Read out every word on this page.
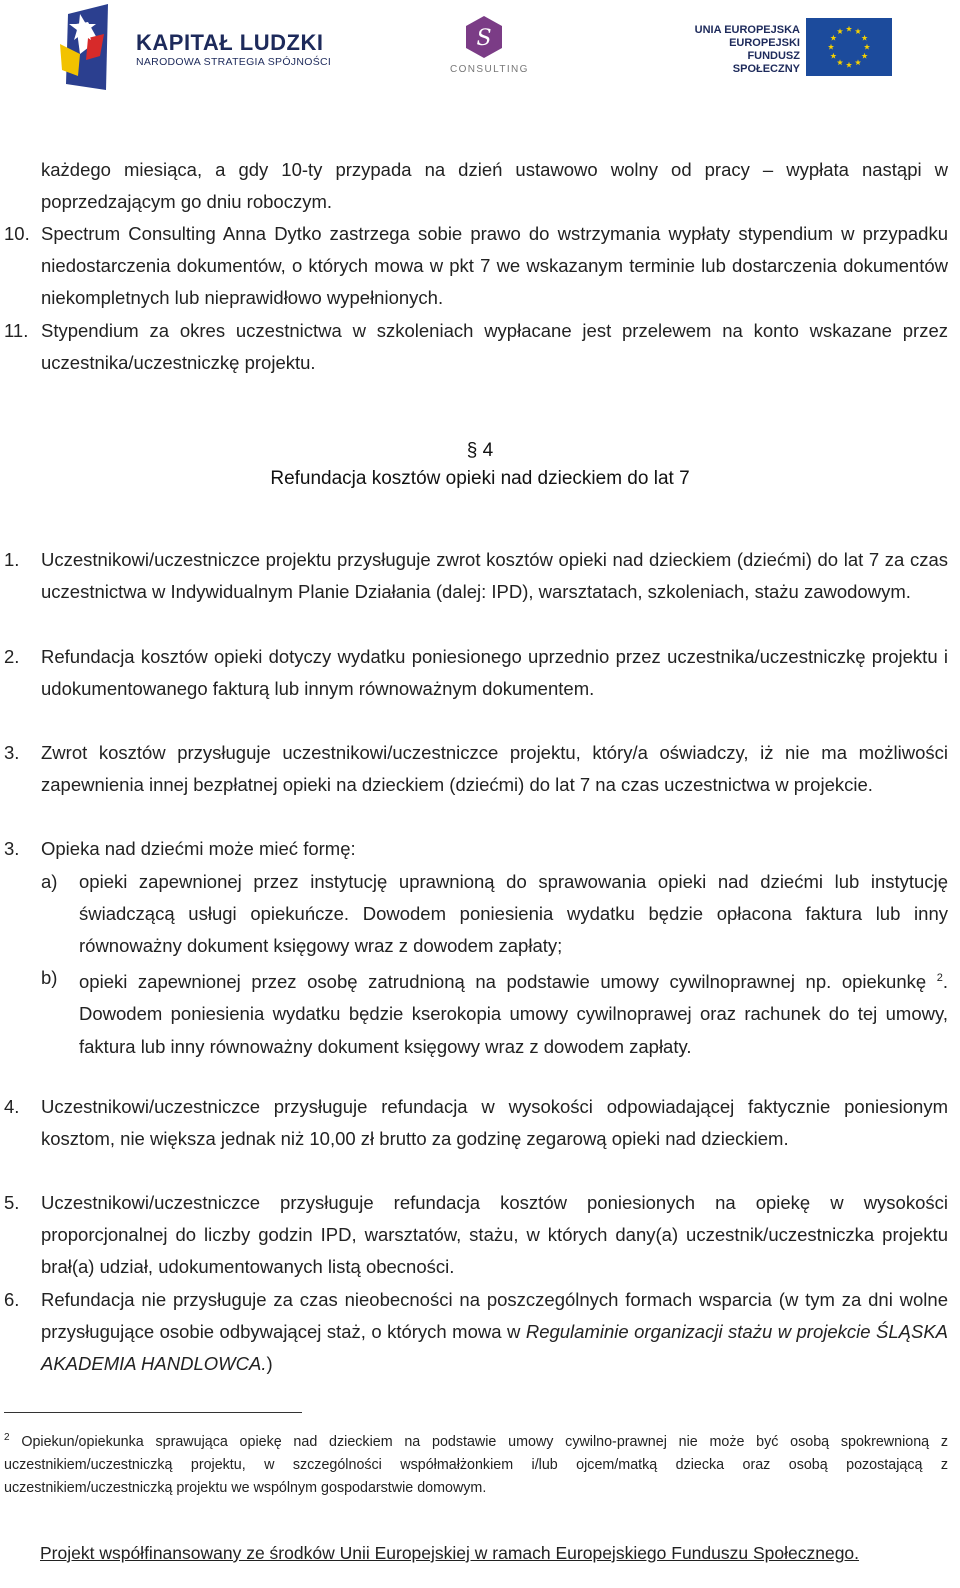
KAPITAŁ LUDZKI
NARODOWA STRATEGIA SPÓJNOŚCI
S
CONSULTING
UNIA EUROPEJSKA
EUROPEJSKI
FUNDUSZ SPOŁECZNY
każdego miesiąca, a gdy 10-ty przypada na dzień ustawowo wolny od pracy – wypłata nastąpi w poprzedzającym go dniu roboczym.
10. Spectrum Consulting Anna Dytko zastrzega sobie prawo do wstrzymania wypłaty stypendium w przypadku niedostarczenia dokumentów, o których mowa w pkt 7 we wskazanym terminie lub dostarczenia dokumentów niekompletnych lub nieprawidłowo wypełnionych.
11. Stypendium za okres uczestnictwa w szkoleniach wypłacane jest przelewem na konto wskazane przez uczestnika/uczestniczkę projektu.
§ 4
Refundacja kosztów opieki nad dzieckiem do lat 7
1. Uczestnikowi/uczestniczce projektu przysługuje zwrot kosztów opieki nad dzieckiem (dziećmi) do lat 7 za czas uczestnictwa w Indywidualnym Planie Działania (dalej: IPD), warsztatach, szkoleniach, stażu zawodowym.
2. Refundacja kosztów opieki dotyczy wydatku poniesionego uprzednio przez uczestnika/uczestniczkę projektu i udokumentowanego fakturą lub innym równoważnym dokumentem.
3. Zwrot kosztów przysługuje uczestnikowi/uczestniczce projektu, który/a oświadczy, iż nie ma możliwości zapewnienia innej bezpłatnej opieki na dzieckiem (dziećmi) do lat 7 na czas uczestnictwa w projekcie.
3. Opieka nad dziećmi może mieć formę:
a) opieki zapewnionej przez instytucję uprawnioną do sprawowania opieki nad dziećmi lub instytucję świadczącą usługi opiekuńcze. Dowodem poniesienia wydatku będzie opłacona faktura lub inny równoważny dokument księgowy wraz z dowodem zapłaty;
b) opieki zapewnionej przez osobę zatrudnioną na podstawie umowy cywilnoprawnej np. opiekunkę $^2$. Dowodem poniesienia wydatku będzie kserokopia umowy cywilnoprawej oraz rachunek do tej umowy, faktura lub inny równoważny dokument księgowy wraz z dowodem zapłaty.
4. Uczestnikowi/uczestniczce przysługuje refundacja w wysokości odpowiadającej faktycznie poniesionym kosztom, nie większa jednak niż 10,00 zł brutto za godzinę zegarową opieki nad dzieckiem.
5. Uczestnikowi/uczestniczce przysługuje refundacja kosztów poniesionych na opiekę w wysokości proporcjonalnej do liczby godzin IPD, warsztatów, stażu, w których dany(a) uczestnik/uczestniczka projektu brał(a) udział, udokumentowanych listą obecności.
6. Refundacja nie przysługuje za czas nieobecności na poszczególnych formach wsparcia (w tym za dni wolne przysługujące osobie odbywającej staż, o których mowa w Regulaminie organizacji stażu w projekcie ŚLĄSKA AKADEMIA HANDLOWCA.)
$^2$ Opiekun/opiekunka sprawująca opiekę nad dzieckiem na podstawie umowy cywilno-prawnej nie może być osobą spokrewnioną z uczestnikiem/uczestniczką projektu, w szczególności współmałżonkiem i/lub ojcem/matką dziecka oraz osobą pozostającą z uczestnikiem/uczestniczką projektu we wspólnym gospodarstwie domowym.
Projekt współfinansowany ze środków Unii Europejskiej w ramach Europejskiego Funduszu Społecznego.
